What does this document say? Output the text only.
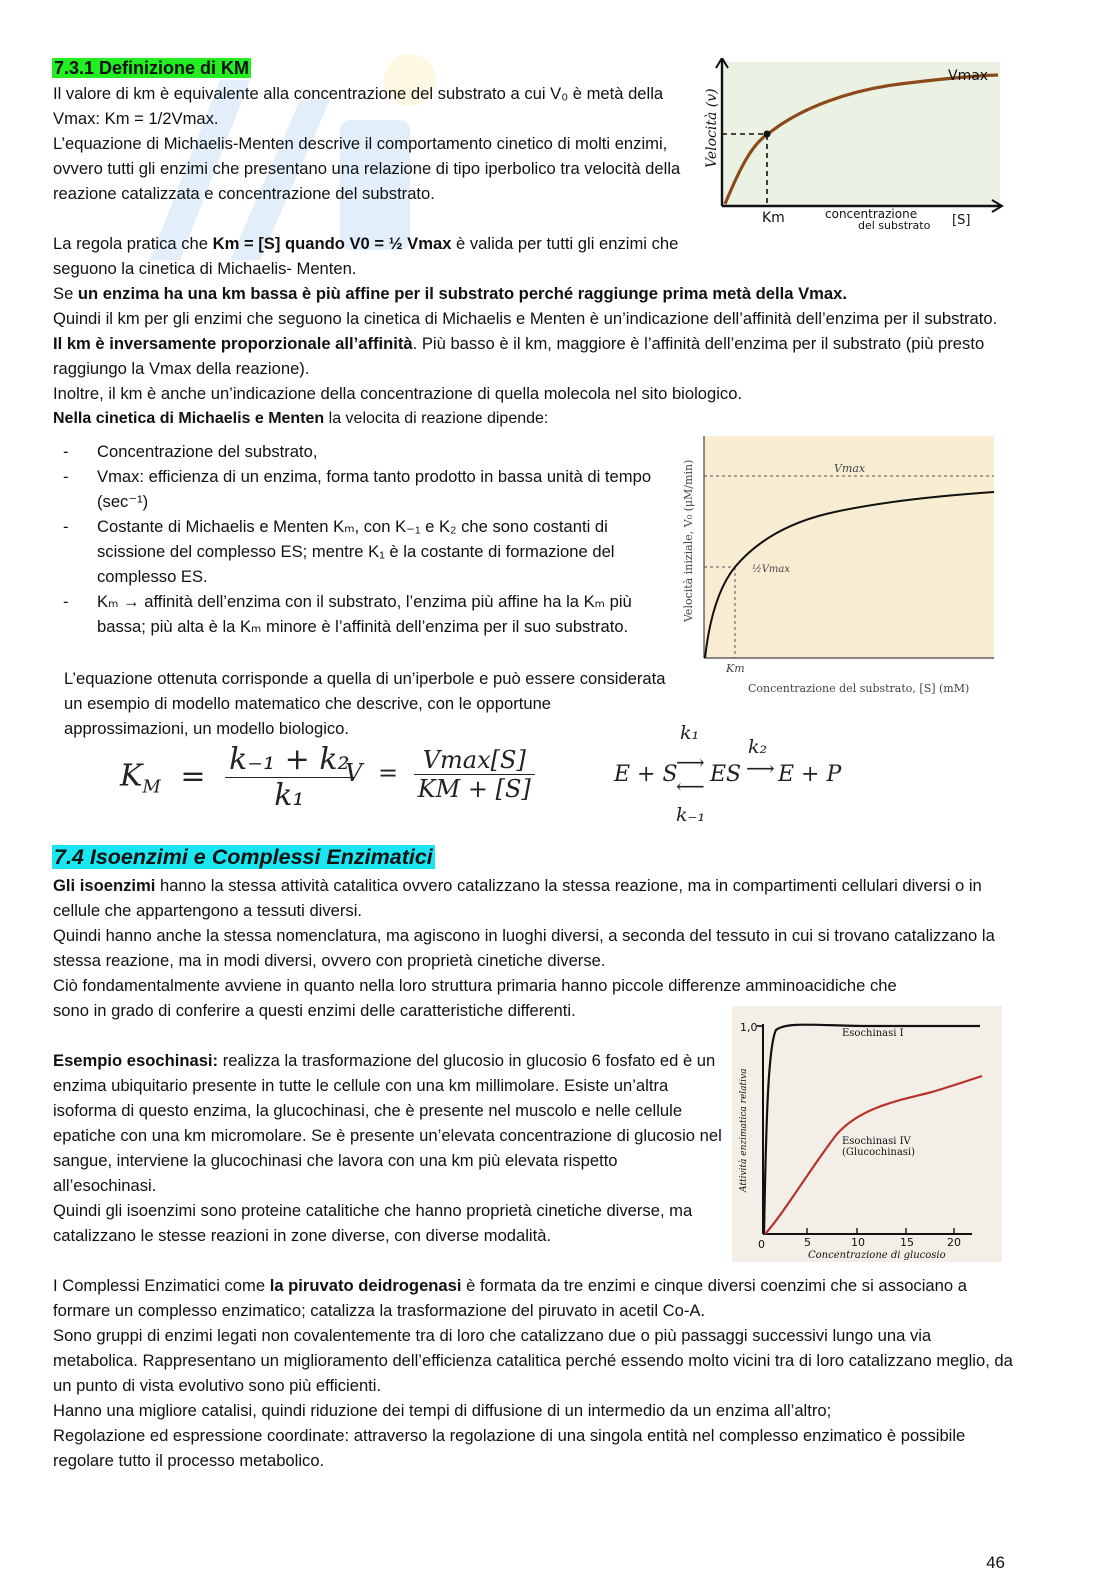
7.3.1 Definizione di KM

Il valore di km è equivalente alla concentrazione del substrato a cui V₀ è metà della Vmax: Km = 1/2Vmax.

L’equazione di Michaelis-Menten descrive il comportamento cinetico di molti enzimi, ovvero tutti gli enzimi che presentano una relazione di tipo iperbolico tra velocità della reazione catalizzata e concentrazione del substrato.

La regola pratica che Km = [S] quando V0 = ½ Vmax è valida per tutti gli enzimi che seguono la cinetica di Michaelis- Menten.

Se un enzima ha una km bassa è più affine per il substrato perché raggiunge prima metà della Vmax.

Quindi il km per gli enzimi che seguono la cinetica di Michaelis e Menten è un’indicazione dell’affinità dell’enzima per il substrato. Il km è inversamente proporzionale all’affinità. Più basso è il km, maggiore è l’affinità dell’enzima per il substrato (più presto raggiungo la Vmax della reazione).

Inoltre, il km è anche un’indicazione della concentrazione di quella molecola nel sito biologico.

Nella cinetica di Michaelis e Menten la velocita di reazione dipende:

- Concentrazione del substrato,
- Vmax: efficienza di un enzima, forma tanto prodotto in bassa unità di tempo (sec⁻¹)
- Costante di Michaelis e Menten Kₘ, con K₋₁ e K₂ che sono costanti di scissione del complesso ES; mentre K₁ è la costante di formazione del complesso ES.
- Kₘ → affinità dell’enzima con il substrato, l’enzima più affine ha la Kₘ più bassa; più alta è la Kₘ minore è l’affinità dell’enzima per il suo substrato.

L’equazione ottenuta corrisponde a quella di un’iperbole e può essere considerata un esempio di modello matematico che descrive, con le opportune approssimazioni, un modello biologico.

Velocità (v)
Vmax
Km	concentrazione
del substrato [S]
Velocità iniziale, V₀ (μM/min)	Vmax
½Vmax
Km
Concentrazione del substrato, [S] (mM)
$K_M = \frac{\text{k₋₁ + k₂}}{\text{k₁}}$
$V = \frac{Vmax[S]}{KM + [S]}$
k₁
k₂
E + S
⟶
⟵ ES ⟶ E + P
k₋₁
7.4 Isoenzimi e Complessi Enzimatici

Gli isoenzimi hanno la stessa attività catalitica ovvero catalizzano la stessa reazione, ma in compartimenti cellulari diversi o in cellule che appartengono a tessuti diversi.

Quindi hanno anche la stessa nomenclatura, ma agiscono in luoghi diversi, a seconda del tessuto in cui si trovano catalizzano la stessa reazione, ma in modi diversi, ovvero con proprietà cinetiche diverse.

Ciò fondamentalmente avviene in quanto nella loro struttura primaria hanno piccole differenze amminoacidiche che sono in grado di conferire a questi enzimi delle caratteristiche differenti.

Esempio esochinasi: realizza la trasformazione del glucosio in glucosio 6 fosfato ed è un enzima ubiquitario presente in tutte le cellule con una km millimolare. Esiste un’altra isoforma di questo enzima, la glucochinasi, che è presente nel muscolo e nelle cellule epatiche con una km micromolare. Se è presente un’elevata concentrazione di glucosio nel sangue, interviene la glucochinasi che lavora con una km più elevata rispetto all’esochinasi.

Quindi gli isoenzimi sono proteine catalitiche che hanno proprietà cinetiche diverse, ma catalizzano le stesse reazioni in zone diverse, con diverse modalità.

I Complessi Enzimatici come la piruvato deidrogenasi è formata da tre enzimi e cinque diversi coenzimi che si associano a formare un complesso enzimatico; catalizza la trasformazione del piruvato in acetil Co-A.

Sono gruppi di enzimi legati non covalentemente tra di loro che catalizzano due o più passaggi successivi lungo una via metabolica. Rappresentano un miglioramento dell’efficienza catalitica perché essendo molto vicini tra di loro catalizzano meglio, da un punto di vista evolutivo sono più efficienti.

Hanno una migliore catalisi, quindi riduzione dei tempi di diffusione di un intermedio da un enzima all’altro;

Regolazione ed espressione coordinate: attraverso la regolazione di una singola entità nel complesso enzimatico è possibile regolare tutto il processo metabolico.

1,0
Attività enzimatica relativa
Esochinasi I
Esochinasi IV
(Glucochinasi)
0	5	10	15	20
Concentrazione di glucosio
46
